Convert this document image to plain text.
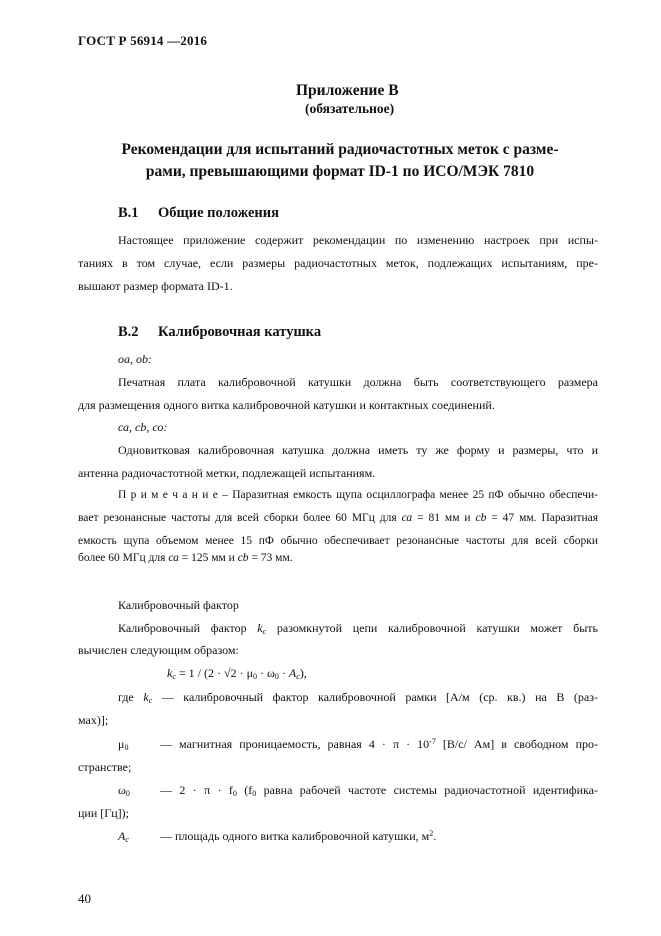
ГОСТ Р 56914 —2016
Приложение В
(обязательное)
Рекомендации для испытаний радиочастотных меток с разме-
рами, превышающими формат ID-1 по ИСО/МЭК 7810
В.1 Общие положения
Настоящее приложение содержит рекомендации по изменению настроек при испы-
таниях в том случае, если размеры радиочастотных меток, подлежащих испытаниям, пре-
вышают размер формата ID-1.
В.2 Калибровочная катушка
оа, оb:
Печатная плата калибровочной катушки должна быть соответствующего размера
для размещения одного витка калибровочной катушки и контактных соединений.
са, cb, со:
Одновитковая калибровочная катушка должна иметь ту же форму и размеры, что и
антенна радиочастотной метки, подлежащей испытаниям.
П р и м е ч а н и е – Паразитная емкость щупа осциллографа менее 25 пФ обычно обеспечи-
вает резонансные частоты для всей сборки более 60 МГц для са = 81 мм и cb = 47 мм. Паразитная
емкость щупа объемом менее 15 пФ обычно обеспечивает резонансные частоты для всей сборки
более 60 МГц для са = 125 мм и cb = 73 мм.
Калибровочный фактор
Калибровочный фактор $k_c$ разомкнутой цепи калибровочной катушки может быть
вычислен следующим образом:
$k_c = 1 / (2 \cdot √2 \cdot \mu_0 \cdot \omega_0 \cdot A_c)$,
где $k_c$ — калибровочный фактор калибровочной рамки [А/м (ср. кв.) на В (раз-
мах)];
$\mu_0$	— магнитная проницаемость, равная $4 \cdot \pi \cdot 10^{-7}$ [В/с/ Ам] в свободном про-
странстве;
$\omega_0$	— $2 \cdot \pi \cdot f_0$ ($f_0$ равна рабочей частоте системы радиочастотной идентифика-
ции [Гц]);
$A_c$	— площадь одного витка калибровочной катушки, $м^2$.
40
